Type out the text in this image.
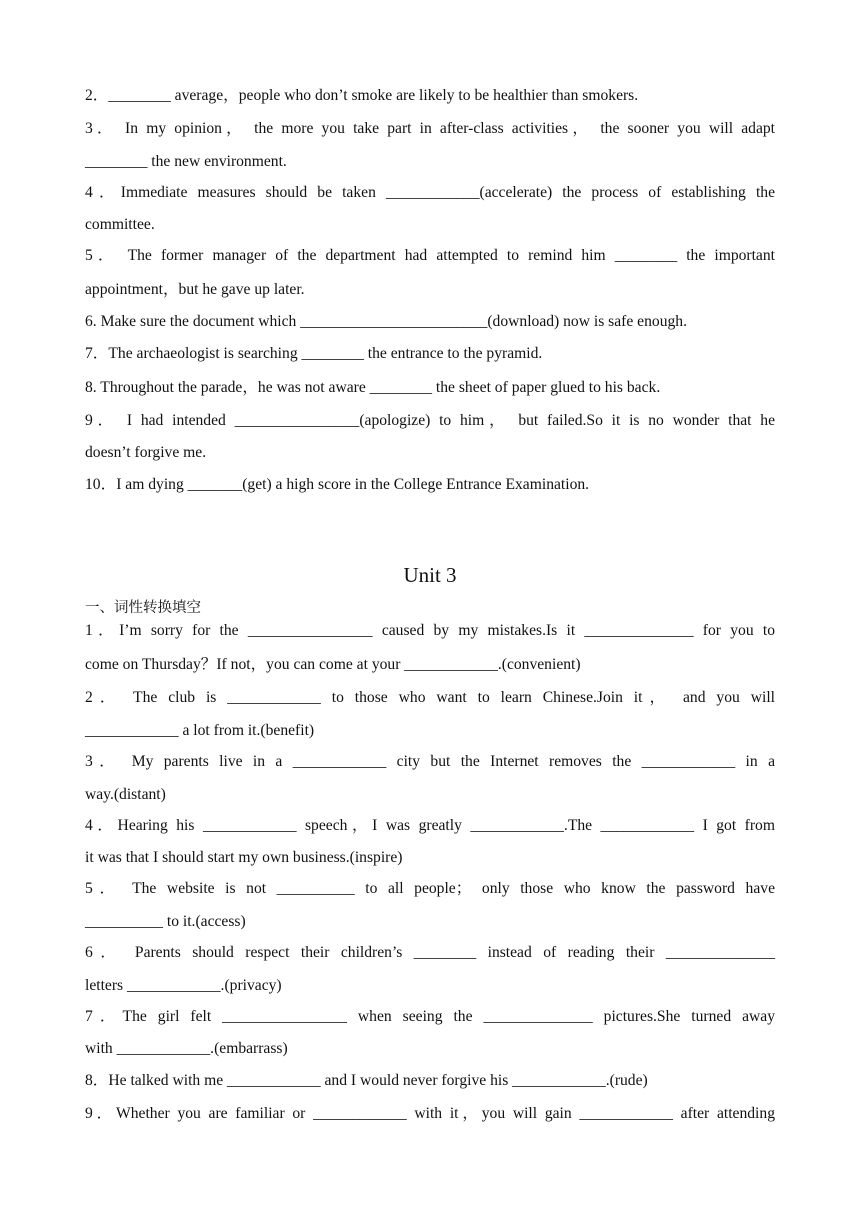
2．________ average，people who don’t smoke are likely to be healthier than smokers.
3． In my opinion， the more you take part in after-class activities， the sooner you will adapt
________ the new environment.
4．Immediate measures should be taken ____________(accelerate) the process of establishing the
committee.
5． The former manager of the department had attempted to remind him ________ the important
appointment，but he gave up later.
6. Make sure the document which ________________________(download) now is safe enough.
7．The archaeologist is searching ________ the entrance to the pyramid.
8. Throughout the parade，he was not aware ________ the sheet of paper glued to his back.
9． I had intended ________________(apologize) to him， but failed.So it is no wonder that he
doesn’t forgive me.
10．I am dying _______(get) a high score in the College Entrance Examination.
Unit 3
一、词性转换填空
1．I’m sorry for the ________________ caused by my mistakes.Is it ______________ for you to
come on Thursday？If not，you can come at your ____________.(convenient)
2． The club is ____________ to those who want to learn Chinese.Join it， and you will
____________ a lot from it.(benefit)
3． My parents live in a ____________ city but the Internet removes the ____________ in a
way.(distant)
4．Hearing his ____________ speech，I was greatly ____________.The ____________ I got from
it was that I should start my own business.(inspire)
5． The website is not __________ to all people； only those who know the password have
__________ to it.(access)
6． Parents should respect their children’s ________ instead of reading their ______________
letters ____________.(privacy)
7．The girl felt ________________ when seeing the ______________ pictures.She turned away
with ____________.(embarrass)
8．He talked with me ____________ and I would never forgive his ____________.(rude)
9．Whether you are familiar or ____________ with it，you will gain ____________ after attending
